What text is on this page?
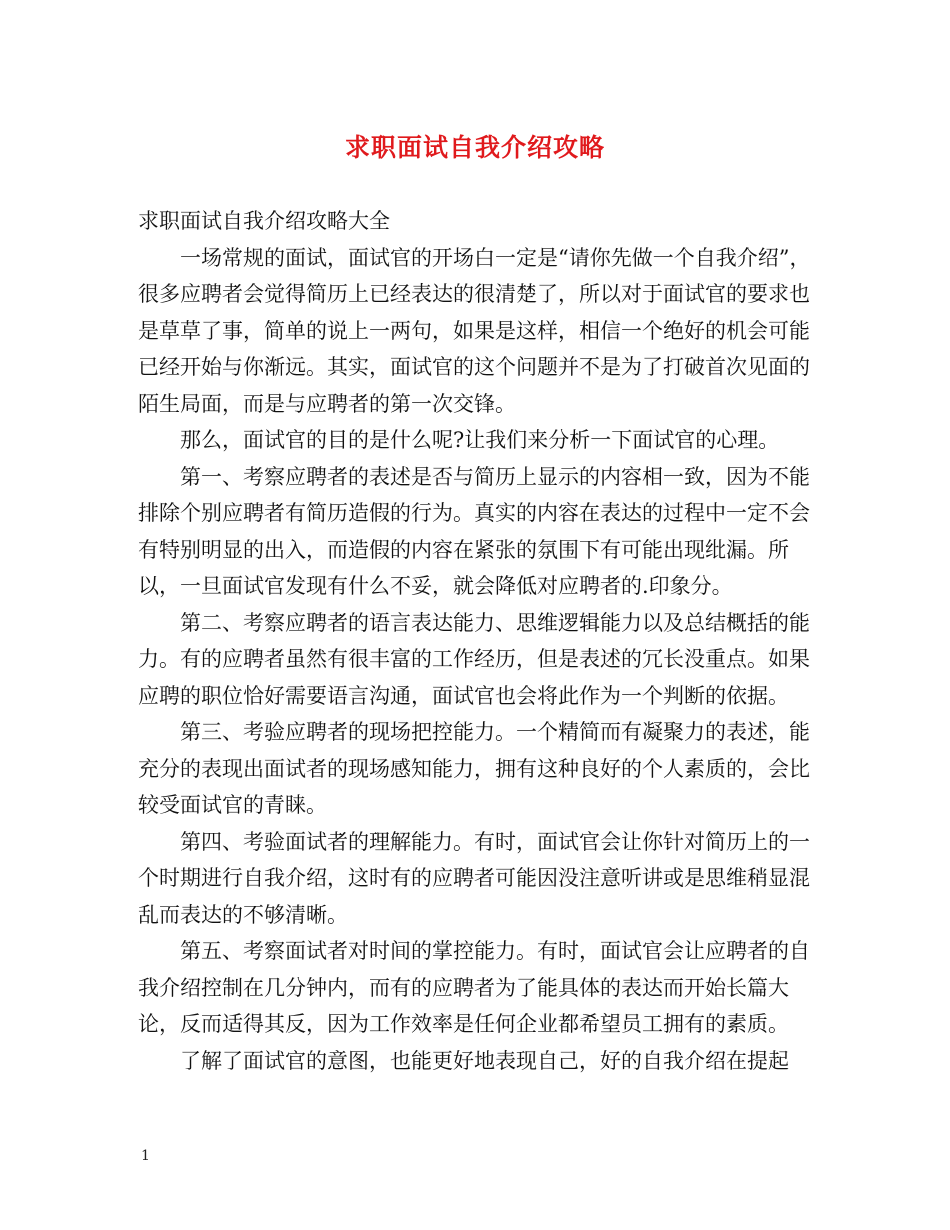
求职面试自我介绍攻略

求职面试自我介绍攻略大全

一场常规的面试，面试官的开场白一定是“请你先做一个自我介绍”，很多应聘者会觉得简历上已经表达的很清楚了，所以对于面试官的要求也是草草了事，简单的说上一两句，如果是这样，相信一个绝好的机会可能已经开始与你渐远。其实，面试官的这个问题并不是为了打破首次见面的陌生局面，而是与应聘者的第一次交锋。

那么，面试官的目的是什么呢?让我们来分析一下面试官的心理。

第一、考察应聘者的表述是否与简历上显示的内容相一致，因为不能排除个别应聘者有简历造假的行为。真实的内容在表达的过程中一定不会有特别明显的出入，而造假的内容在紧张的氛围下有可能出现纰漏。所以，一旦面试官发现有什么不妥，就会降低对应聘者的.印象分。

第二、考察应聘者的语言表达能力、思维逻辑能力以及总结概括的能力。有的应聘者虽然有很丰富的工作经历，但是表述的冗长没重点。如果应聘的职位恰好需要语言沟通，面试官也会将此作为一个判断的依据。

第三、考验应聘者的现场把控能力。一个精简而有凝聚力的表述，能充分的表现出面试者的现场感知能力，拥有这种良好的个人素质的，会比较受面试官的青睐。

第四、考验面试者的理解能力。有时，面试官会让你针对简历上的一个时期进行自我介绍，这时有的应聘者可能因没注意听讲或是思维稍显混乱而表达的不够清晰。

第五、考察面试者对时间的掌控能力。有时，面试官会让应聘者的自我介绍控制在几分钟内，而有的应聘者为了能具体的表达而开始长篇大论，反而适得其反，因为工作效率是任何企业都希望员工拥有的素质。

了解了面试官的意图，也能更好地表现自己，好的自我介绍在提起

1
